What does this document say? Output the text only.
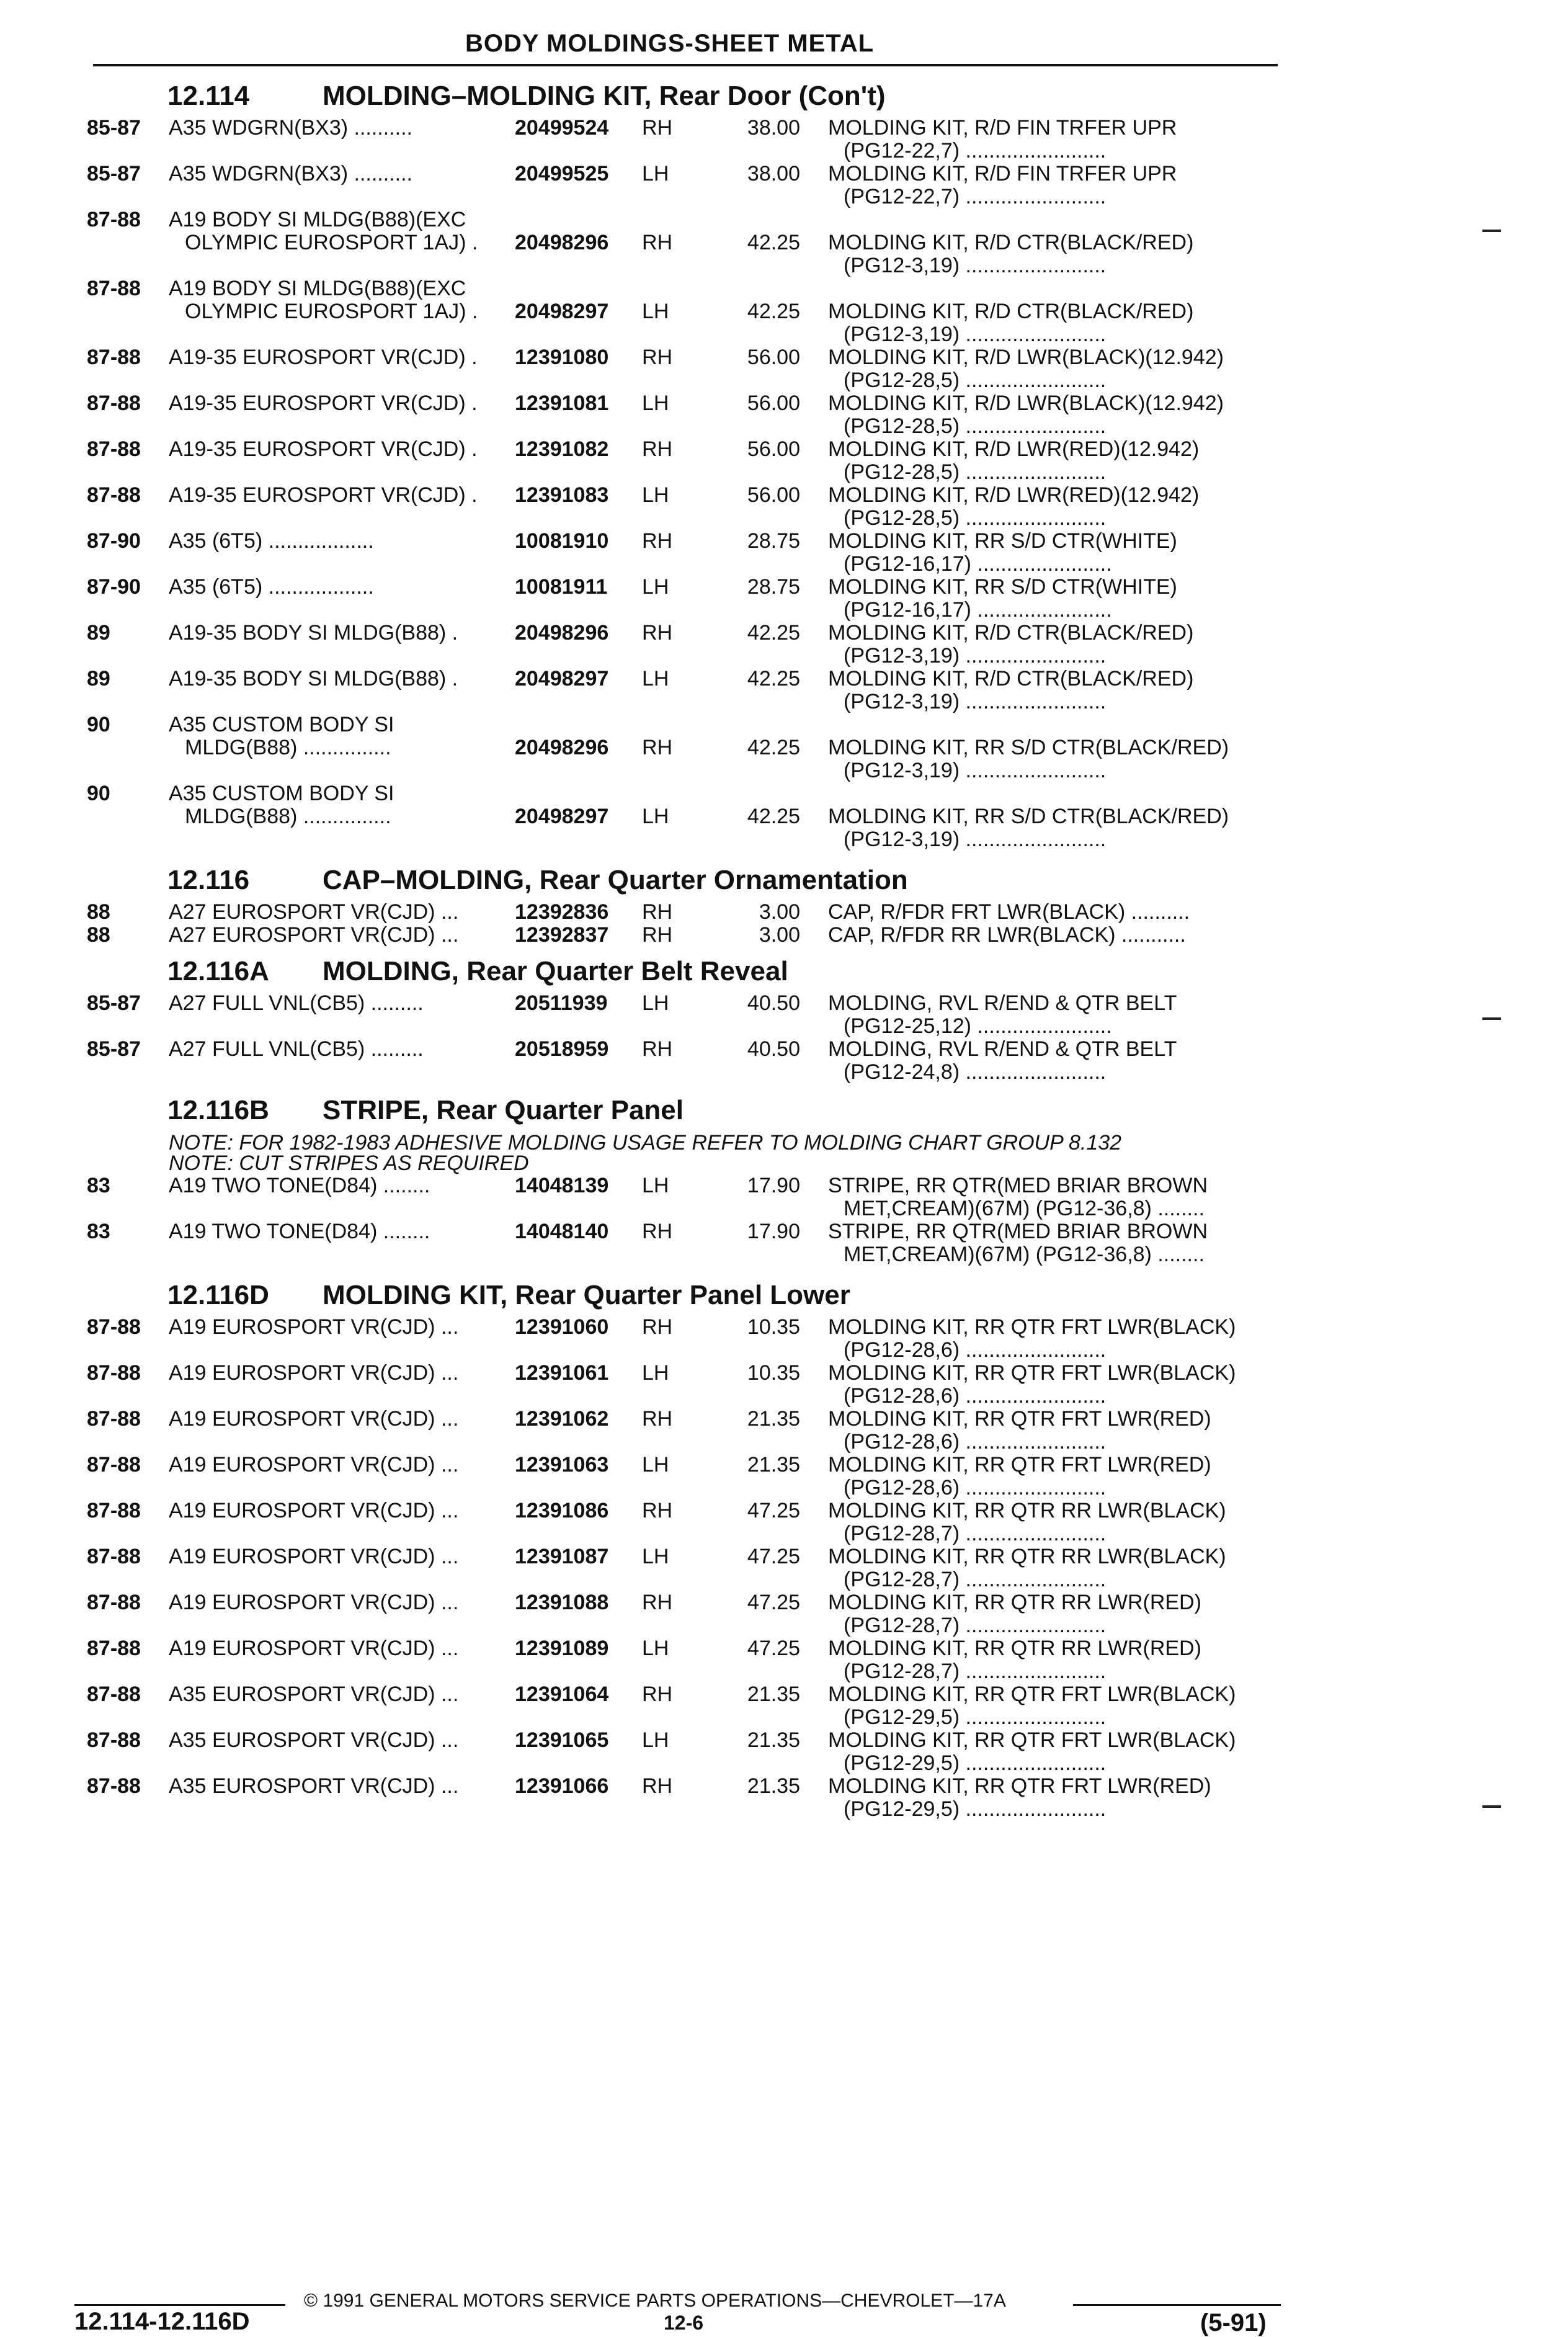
BODY MOLDINGS-SHEET METAL
12.114	MOLDING–MOLDING KIT, Rear Door (Con't)
85-87 A35 WDGRN(BX3) ..........	20499524 RH	38.00 MOLDING KIT, R/D FIN TRFER UPR
(PG12-22,7) ........................
85-87 A35 WDGRN(BX3) ..........	20499525 LH	38.00 MOLDING KIT, R/D FIN TRFER UPR
(PG12-22,7) ........................
87-88 A19 BODY SI MLDG(B88)(EXC
OLYMPIC EUROSPORT 1AJ) . 20498296 RH	42.25 MOLDING KIT, R/D CTR(BLACK/RED)
(PG12-3,19) ........................
87-88 A19 BODY SI MLDG(B88)(EXC
OLYMPIC EUROSPORT 1AJ) . 20498297 LH	42.25 MOLDING KIT, R/D CTR(BLACK/RED)
(PG12-3,19) ........................
87-88 A19-35 EUROSPORT VR(CJD) . 12391080 RH	56.00 MOLDING KIT, R/D LWR(BLACK)(12.942)
(PG12-28,5) ........................
87-88 A19-35 EUROSPORT VR(CJD) . 12391081 LH	56.00 MOLDING KIT, R/D LWR(BLACK)(12.942)
(PG12-28,5) ........................
87-88 A19-35 EUROSPORT VR(CJD) . 12391082 RH	56.00 MOLDING KIT, R/D LWR(RED)(12.942)
(PG12-28,5) ........................
87-88 A19-35 EUROSPORT VR(CJD) . 12391083 LH	56.00 MOLDING KIT, R/D LWR(RED)(12.942)
(PG12-28,5) ........................
87-90 A35 (6T5) ..................	10081910 RH	28.75 MOLDING KIT, RR S/D CTR(WHITE)
(PG12-16,17) .......................
87-90 A35 (6T5) ..................	10081911 LH	28.75 MOLDING KIT, RR S/D CTR(WHITE)
(PG12-16,17) .......................
89	A19-35 BODY SI MLDG(B88) .	20498296 RH	42.25 MOLDING KIT, R/D CTR(BLACK/RED)
(PG12-3,19) ........................
89	A19-35 BODY SI MLDG(B88) .	20498297 LH	42.25 MOLDING KIT, R/D CTR(BLACK/RED)
(PG12-3,19) ........................
90	A35 CUSTOM BODY SI
MLDG(B88) ...............	20498296 RH	42.25 MOLDING KIT, RR S/D CTR(BLACK/RED)
(PG12-3,19) ........................
90	A35 CUSTOM BODY SI
MLDG(B88) ...............	20498297 LH	42.25 MOLDING KIT, RR S/D CTR(BLACK/RED)
(PG12-3,19) ........................
12.116	CAP–MOLDING, Rear Quarter Ornamentation
88	A27 EUROSPORT VR(CJD) ...	12392836 RH	3.00 CAP, R/FDR FRT LWR(BLACK) ..........
88	A27 EUROSPORT VR(CJD) ...	12392837 RH	3.00 CAP, R/FDR RR LWR(BLACK) ...........
12.116A MOLDING, Rear Quarter Belt Reveal
85-87 A27 FULL VNL(CB5) .........	20511939 LH	40.50 MOLDING, RVL R/END & QTR BELT
(PG12-25,12) .......................
85-87 A27 FULL VNL(CB5) .........	20518959 RH	40.50 MOLDING, RVL R/END & QTR BELT
(PG12-24,8) ........................
12.116B STRIPE, Rear Quarter Panel
NOTE: FOR 1982-1983 ADHESIVE MOLDING USAGE REFER TO MOLDING CHART GROUP 8.132
NOTE: CUT STRIPES AS REQUIRED
83	A19 TWO TONE(D84) ........	14048139 LH	17.90 STRIPE, RR QTR(MED BRIAR BROWN
MET,CREAM)(67M) (PG12-36,8) ........
83	A19 TWO TONE(D84) ........	14048140 RH	17.90 STRIPE, RR QTR(MED BRIAR BROWN
MET,CREAM)(67M) (PG12-36,8) ........
12.116D MOLDING KIT, Rear Quarter Panel Lower
87-88 A19 EUROSPORT VR(CJD) ...	12391060 RH	10.35 MOLDING KIT, RR QTR FRT LWR(BLACK)
(PG12-28,6) ........................
87-88 A19 EUROSPORT VR(CJD) ...	12391061 LH	10.35 MOLDING KIT, RR QTR FRT LWR(BLACK)
(PG12-28,6) ........................
87-88 A19 EUROSPORT VR(CJD) ...	12391062 RH	21.35 MOLDING KIT, RR QTR FRT LWR(RED)
(PG12-28,6) ........................
87-88 A19 EUROSPORT VR(CJD) ...	12391063 LH	21.35 MOLDING KIT, RR QTR FRT LWR(RED)
(PG12-28,6) ........................
87-88 A19 EUROSPORT VR(CJD) ...	12391086 RH	47.25 MOLDING KIT, RR QTR RR LWR(BLACK)
(PG12-28,7) ........................
87-88 A19 EUROSPORT VR(CJD) ...	12391087 LH	47.25 MOLDING KIT, RR QTR RR LWR(BLACK)
(PG12-28,7) ........................
87-88 A19 EUROSPORT VR(CJD) ...	12391088 RH	47.25 MOLDING KIT, RR QTR RR LWR(RED)
(PG12-28,7) ........................
87-88 A19 EUROSPORT VR(CJD) ...	12391089 LH	47.25 MOLDING KIT, RR QTR RR LWR(RED)
(PG12-28,7) ........................
87-88 A35 EUROSPORT VR(CJD) ...	12391064 RH	21.35 MOLDING KIT, RR QTR FRT LWR(BLACK)
(PG12-29,5) ........................
87-88 A35 EUROSPORT VR(CJD) ...	12391065 LH	21.35 MOLDING KIT, RR QTR FRT LWR(BLACK)
(PG12-29,5) ........................
87-88 A35 EUROSPORT VR(CJD) ...	12391066 RH	21.35 MOLDING KIT, RR QTR FRT LWR(RED)
(PG12-29,5) ........................
12.114-12.116D	12-6	(5-91)
© 1991 GENERAL MOTORS SERVICE PARTS OPERATIONS—CHEVROLET—17A
